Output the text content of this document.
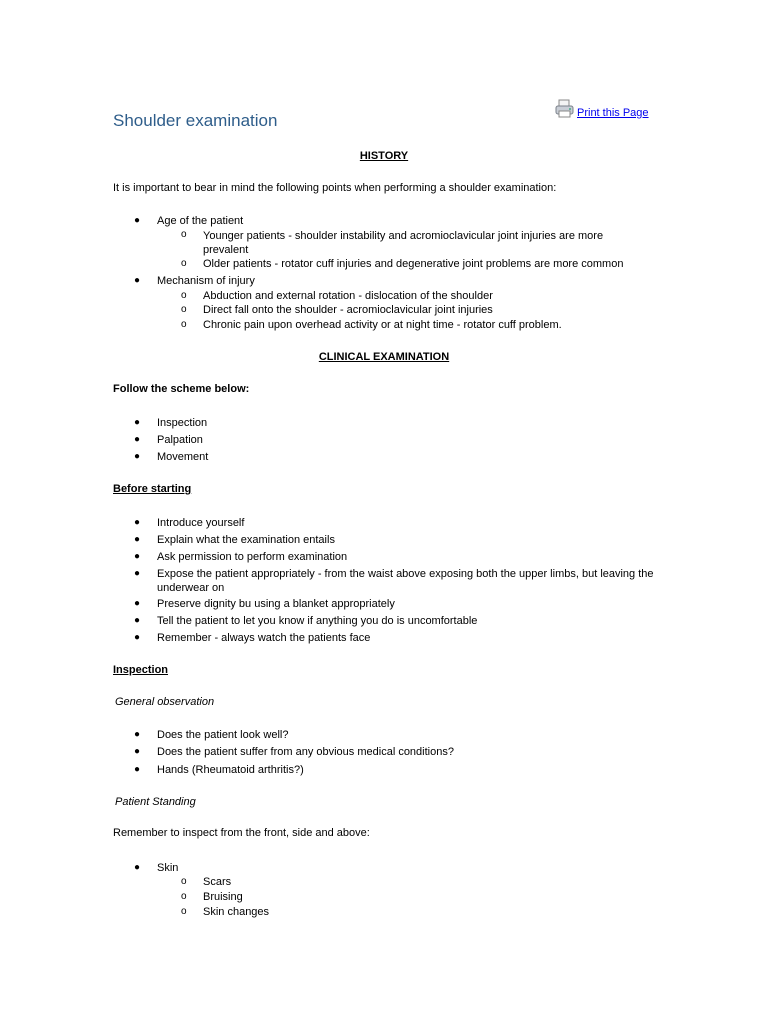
Shoulder examination	Print this Page
HISTORY
It is important to bear in mind the following points when performing a shoulder examination:
● Age of the patient
o Younger patients - shoulder instability and acromioclavicular joint injuries are more prevalent
o Older patients - rotator cuff injuries and degenerative joint problems are more common
● Mechanism of injury
o Abduction and external rotation - dislocation of the shoulder
o Direct fall onto the shoulder - acromioclavicular joint injuries
o Chronic pain upon overhead activity or at night time - rotator cuff problem.
CLINICAL EXAMINATION
Follow the scheme below:
● Inspection
● Palpation
● Movement
Before starting
● Introduce yourself
● Explain what the examination entails
● Ask permission to perform examination
● Expose the patient appropriately - from the waist above exposing both the upper limbs, but leaving the underwear on
● Preserve dignity bu using a blanket appropriately
● Tell the patient to let you know if anything you do is uncomfortable
● Remember - always watch the patients face
Inspection
General observation
● Does the patient look well?
● Does the patient suffer from any obvious medical conditions?
● Hands (Rheumatoid arthritis?)
Patient Standing
Remember to inspect from the front, side and above:
● Skin
o Scars
o Bruising
o Skin changes
